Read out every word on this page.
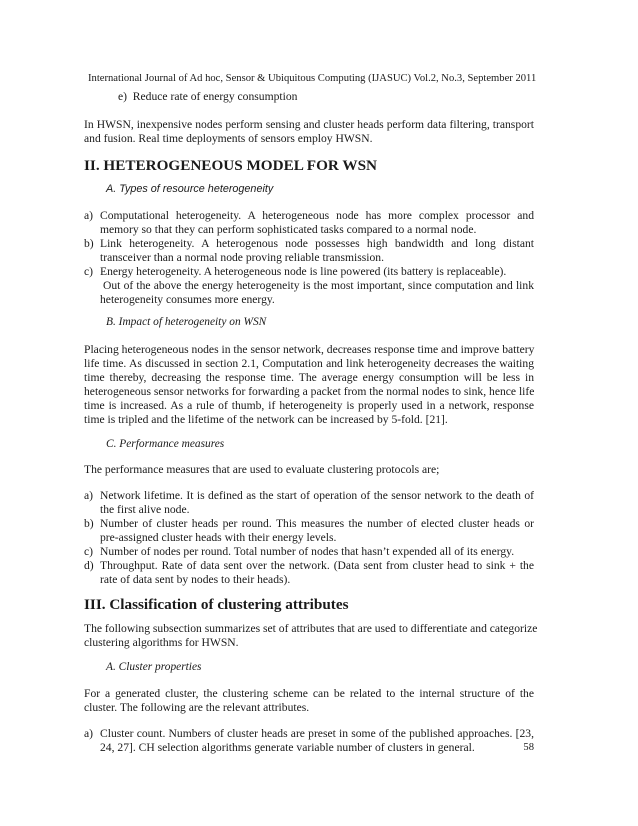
International Journal of Ad hoc, Sensor & Ubiquitous Computing (IJASUC) Vol.2, No.3, September 2011
e)  Reduce rate of energy consumption
In HWSN, inexpensive nodes perform sensing and cluster heads perform data filtering, transport
and fusion. Real time deployments of sensors employ HWSN.
II. HETEROGENEOUS MODEL FOR WSN
A. Types of resource heterogeneity
a) Computational heterogeneity. A heterogeneous node has more complex processor and memory so that they can perform sophisticated tasks compared to a normal node.
b) Link heterogeneity. A heterogenous node possesses high bandwidth and long distant transceiver than a normal node proving reliable transmission.
c) Energy heterogeneity. A heterogeneous node is line powered (its battery is replaceable).
Out of the above the energy heterogeneity is the most important, since computation and link
heterogeneity consumes more energy.
B. Impact of heterogeneity on WSN
Placing heterogeneous nodes in the sensor network, decreases response time and improve battery
life time. As discussed in section 2.1, Computation and link heterogeneity decreases the waiting
time thereby, decreasing the response time. The average energy consumption will be less in
heterogeneous sensor networks for forwarding a packet from the normal nodes to sink, hence life
time is increased. As a rule of thumb, if heterogeneity is properly used in a network, response
time is tripled and the lifetime of the network can be increased by 5-fold. [21].
C. Performance measures
The performance measures that are used to evaluate clustering protocols are;
a) Network lifetime. It is defined as the start of operation of the sensor network to the death of the first alive node.
b) Number of cluster heads per round. This measures the number of elected cluster heads or pre-assigned cluster heads with their energy levels.
c) Number of nodes per round. Total number of nodes that hasn’t expended all of its energy.
d) Throughput. Rate of data sent over the network. (Data sent from cluster head to sink + the rate of data sent by nodes to their heads).
III. Classification of clustering attributes
The following subsection summarizes set of attributes that are used to differentiate and categorize
clustering algorithms for HWSN.
A. Cluster properties
For a generated cluster, the clustering scheme can be related to the internal structure of the
cluster. The following are the relevant attributes.
a) Cluster count. Numbers of cluster heads are preset in some of the published approaches. [23, 24, 27]. CH selection algorithms generate variable number of clusters in general.	58
